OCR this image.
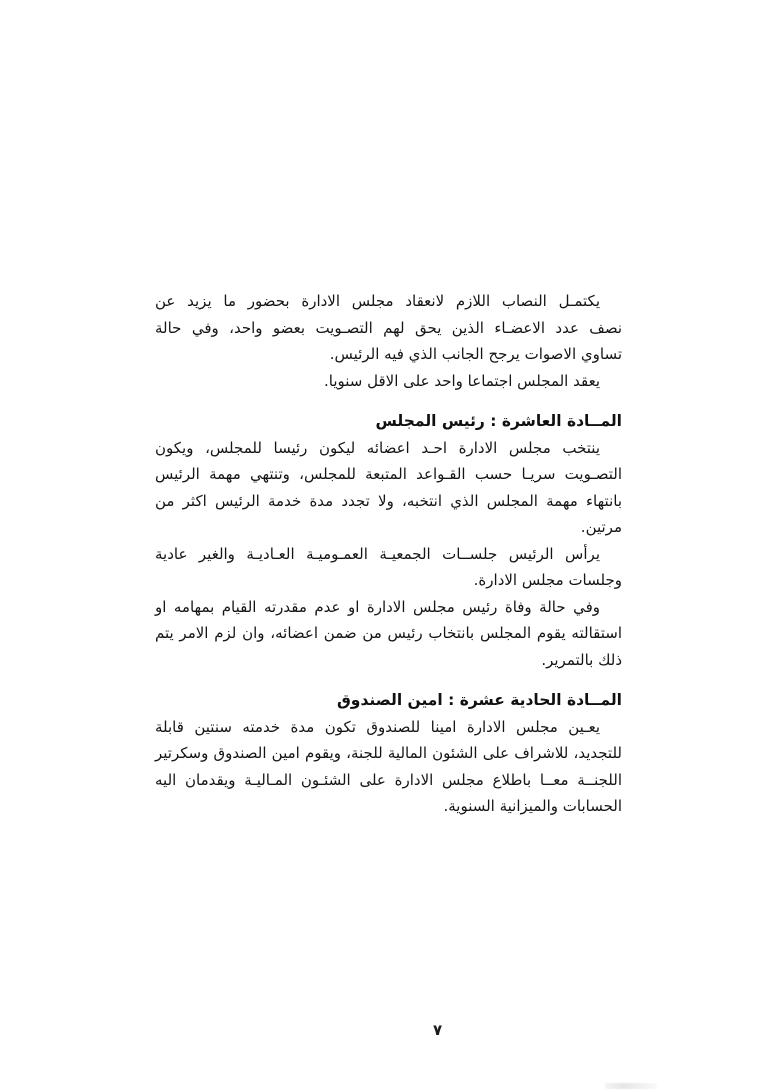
يكتمـل النصاب اللازم لانعقاد مجلس الادارة بحضور ما يزيد عن
نصف عدد الاعضـاء الذين يحق لهم التصـويت بعضو واحد، وفي حالة
تساوي الاصوات يرجح الجانب الذي فيه الرئيس.
يعقد المجلس اجتماعا واحد على الاقل سنويا.
المــادة العاشرة : رئيس المجلس
ينتخب مجلس الادارة احـد اعضائه ليكون رئيسا للمجلس، ويكون
التصـويت سريـا حسب القـواعد المتبعة للمجلس، وتنتهي مهمة الرئيس
بانتهاء مهمة المجلس الذي انتخبه، ولا تجدد مدة خدمة الرئيس اكثر من
مرتين.
يرأس الرئيس جلســات الجمعيـة العمـوميـة العـاديـة والغير عادية
وجلسات مجلس الادارة.
وفي حالة وفاة رئيس مجلس الادارة او عدم مقدرته القيام بمهامه او
استقالته يقوم المجلس بانتخاب رئيس من ضمن اعضائه، وان لزم الامر يتم
ذلك بالتمرير.
المــادة الحادية عشرة : امين الصندوق
يعـين مجلس الادارة امينا للصندوق تكون مدة خدمته سنتين قابلة
للتجديد، للاشراف على الشئون المالية للجنة، ويقوم امين الصندوق وسكرتير
اللجنــة معــا باطلاع مجلس الادارة على الشئـون المـاليـة ويقدمان اليه
الحسابات والميزانية السنوية.
٧
